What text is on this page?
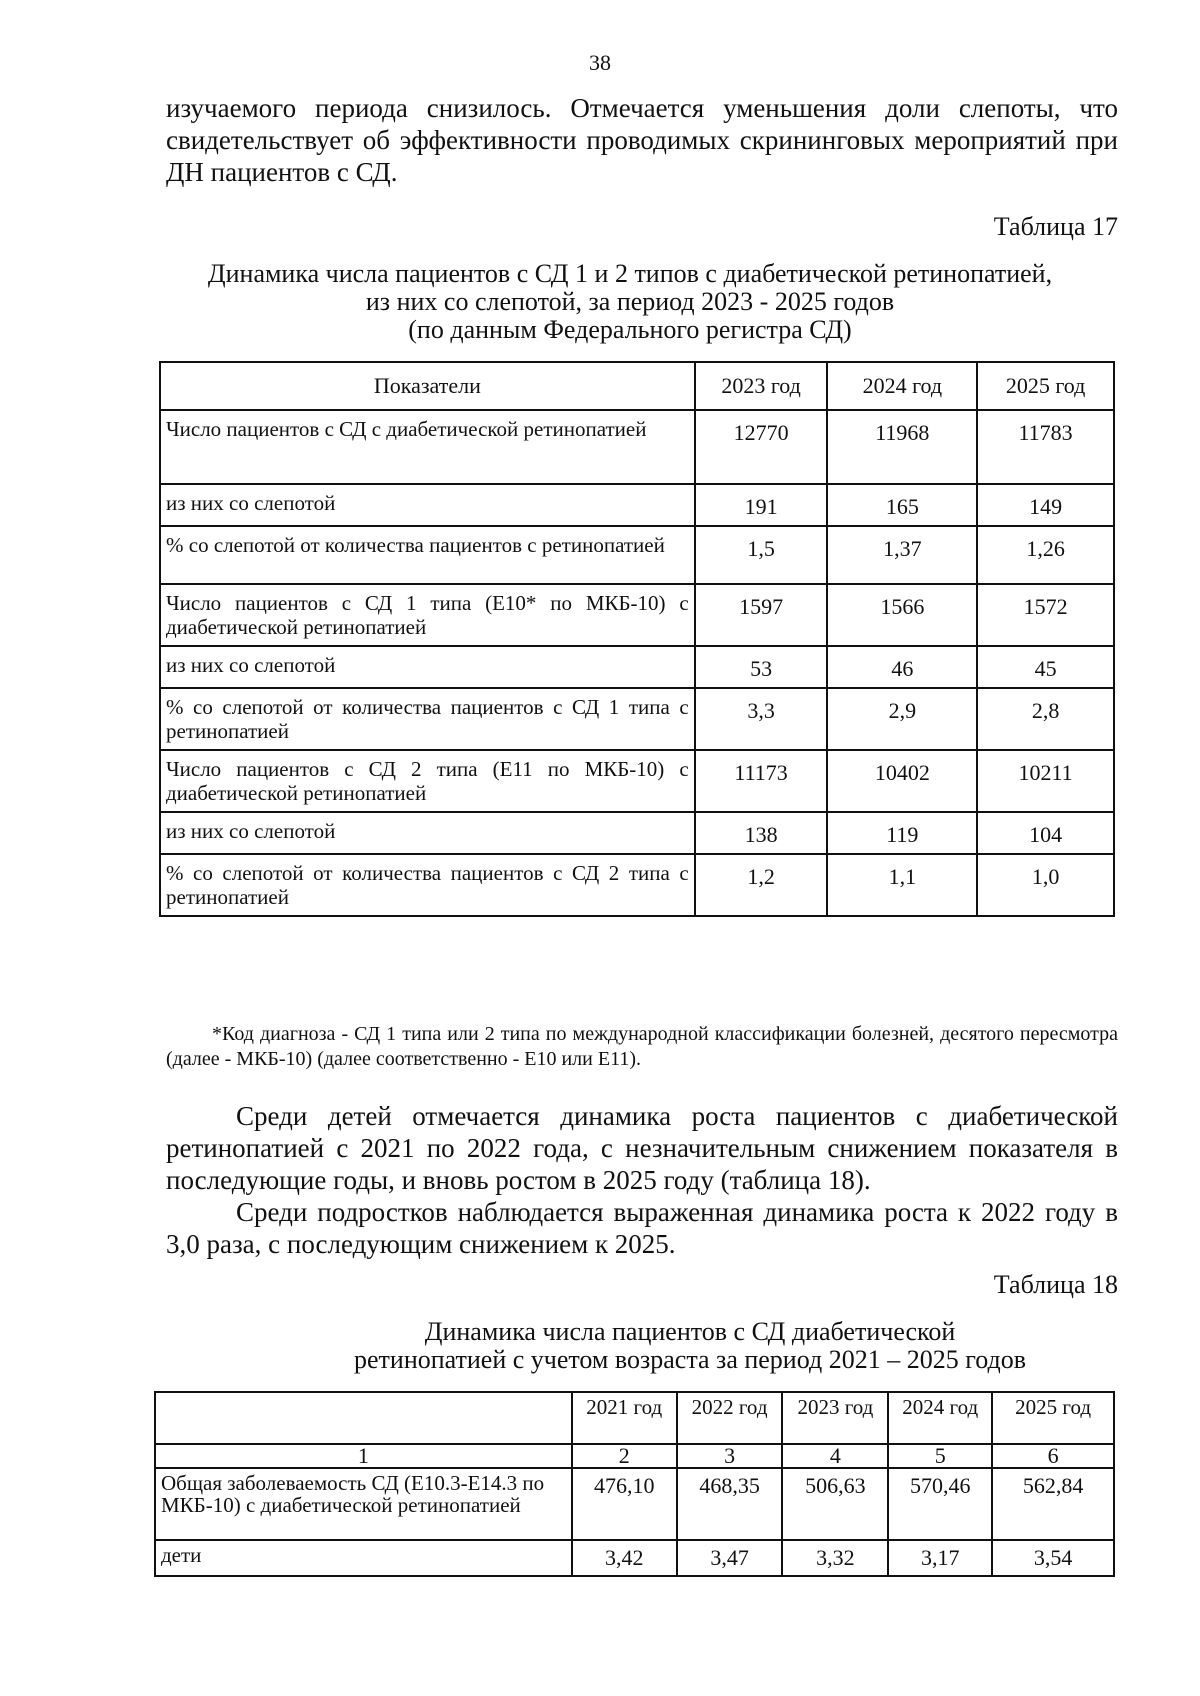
38
изучаемого периода снизилось. Отмечается уменьшения доли слепоты, что свидетельствует об эффективности проводимых скрининговых мероприятий при ДН пациентов с СД.
Таблица 17
Динамика числа пациентов с СД 1 и 2 типов с диабетической ретинопатией,
из них со слепотой, за период 2023 - 2025 годов
(по данным Федерального регистра СД)
Показатели	2023 год	2024 год	2025 год
Число пациентов с СД с диабетической ретинопатией	12770	11968	11783
из них со слепотой	191	165	149
% со слепотой от количества пациентов с ретинопатией	1,5	1,37	1,26
Число пациентов с СД 1 типа (Е10* по МКБ-10) с диабетической ретинопатией	1597	1566	1572
из них со слепотой	53	46	45
% со слепотой от количества пациентов с СД 1 типа с ретинопатией	3,3	2,9	2,8
Число пациентов с СД 2 типа (Е11 по МКБ-10) с диабетической ретинопатией	11173	10402	10211
из них со слепотой	138	119	104
% со слепотой от количества пациентов с СД 2 типа с ретинопатией	1,2	1,1	1,0
*Код диагноза - СД 1 типа или 2 типа по международной классификации болезней, десятого пересмотра (далее - МКБ-10) (далее соответственно - Е10 или Е11).

Среди детей отмечается динамика роста пациентов с диабетической ретинопатией с 2021 по 2022 года, с незначительным снижением показателя в последующие годы, и вновь ростом в 2025 году (таблица 18).

Среди подростков наблюдается выраженная динамика роста к 2022 году в 3,0 раза, с последующим снижением к 2025.

Таблица 18
Динамика числа пациентов с СД диабетической
ретинопатией с учетом возраста за период 2021 – 2025 годов
	2021 год	2022 год	2023 год	2024 год	2025 год
1	2	3	4	5	6
Общая заболеваемость СД (Е10.3-Е14.3 по МКБ-10) с диабетической ретинопатией	476,10	468,35	506,63	570,46	562,84
дети	3,42	3,47	3,32	3,17	3,54
